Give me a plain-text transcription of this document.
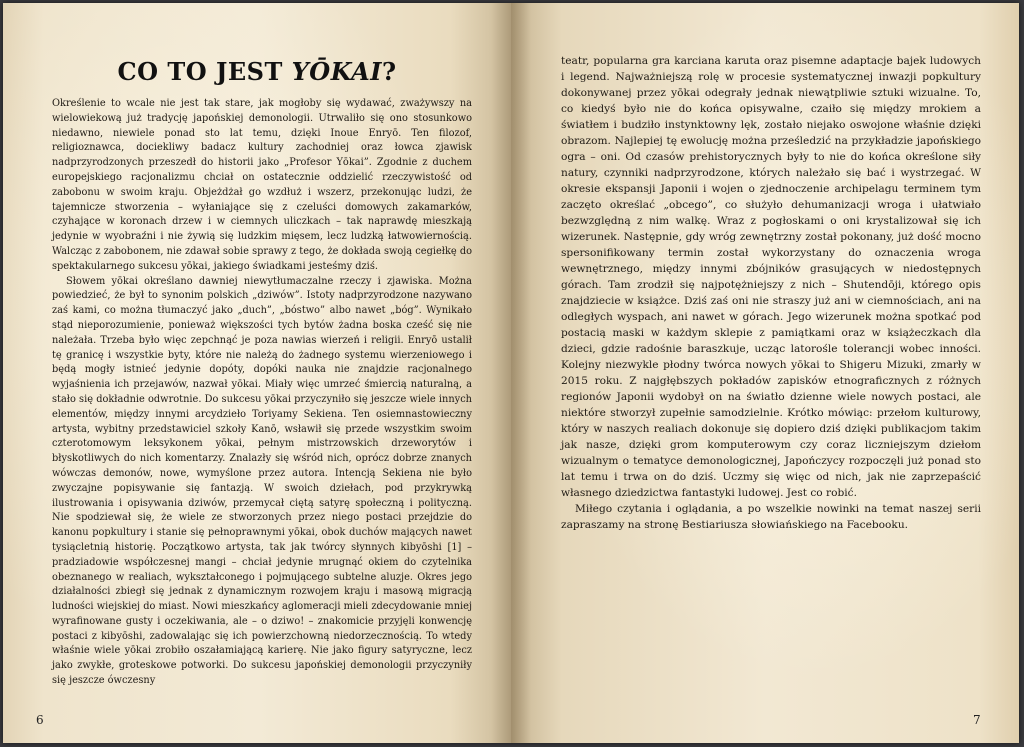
CO TO JEST YŌKAI?

Określenie to wcale nie jest tak stare, jak mogłoby się wydawać, zważywszy na wielowiekową już tradycję japońskiej demonologii. Utrwaliło się ono stosunkowo niedawno, niewiele ponad sto lat temu, dzięki Inoue Enryō. Ten filozof, religioznawca, dociekliwy badacz kultury zachodniej oraz łowca zjawisk nadprzyrodzonych przeszedł do historii jako „Profesor Yōkai”. Zgodnie z duchem europejskiego racjonalizmu chciał on ostatecznie oddzielić rzeczywistość od zabobonu w swoim kraju. Objeżdżał go wzdłuż i wszerz, przekonując ludzi, że tajemnicze stworzenia – wyłaniające się z czeluści domowych zakamarków, czyhające w koronach drzew i w ciemnych uliczkach – tak naprawdę mieszkają jedynie w wyobraźni i nie żywią się ludzkim mięsem, lecz ludzką łatwowiernością. Walcząc z zabobonem, nie zdawał sobie sprawy z tego, że dokłada swoją cegiełkę do spektakularnego sukcesu yōkai, jakiego świadkami jesteśmy dziś.

Słowem yōkai określano dawniej niewytłumaczalne rzeczy i zjawiska. Można powiedzieć, że był to synonim polskich „dziwów”. Istoty nadprzyrodzone nazywano zaś kami, co można tłumaczyć jako „duch”, „bóstwo” albo nawet „bóg”. Wynikało stąd nieporozumienie, ponieważ większości tych bytów żadna boska cześć się nie należała. Trzeba było więc zepchnąć je poza nawias wierzeń i religii. Enryō ustalił tę granicę i wszystkie byty, które nie należą do żadnego systemu wierzeniowego i będą mogły istnieć jedynie dopóty, dopóki nauka nie znajdzie racjonalnego wyjaśnienia ich przejawów, nazwał yōkai. Miały więc umrzeć śmiercią naturalną, a stało się dokładnie odwrotnie. Do sukcesu yōkai przyczyniło się jeszcze wiele innych elementów, między innymi arcydzieło Toriyamy Sekiena. Ten osiemnastowieczny artysta, wybitny przedstawiciel szkoły Kanō, wsławił się przede wszystkim swoim czterotomowym leksykonem yōkai, pełnym mistrzowskich drzeworytów i błyskotliwych do nich komentarzy. Znalazły się wśród nich, oprócz dobrze znanych wówczas demonów, nowe, wymyślone przez autora. Intencją Sekiena nie było zwyczajne popisywanie się fantazją. W swoich dziełach, pod przykrywką ilustrowania i opisywania dziwów, przemycał ciętą satyrę społeczną i polityczną. Nie spodziewał się, że wiele ze stworzonych przez niego postaci przejdzie do kanonu popkultury i stanie się pełnoprawnymi yōkai, obok duchów mających nawet tysiącletnią historię. Początkowo artysta, tak jak twórcy słynnych kibyōshi [1] – pradziadowie współczesnej mangi – chciał jedynie mrugnąć okiem do czytelnika obeznanego w realiach, wykształconego i pojmującego subtelne aluzje. Okres jego działalności zbiegł się jednak z dynamicznym rozwojem kraju i masową migracją ludności wiejskiej do miast. Nowi mieszkańcy aglomeracji mieli zdecydowanie mniej wyrafinowane gusty i oczekiwania, ale – o dziwo! – znakomicie przyjęli konwencję postaci z kibyōshi, zadowalając się ich powierzchowną niedorzecznością. To wtedy właśnie wiele yōkai zrobiło oszałamiającą karierę. Nie jako figury satyryczne, lecz jako zwykłe, groteskowe potworki. Do sukcesu japońskiej demonologii przyczyniły się jeszcze ówczesny

6

teatr, popularna gra karciana karuta oraz pisemne adaptacje bajek ludowych i legend. Najważniejszą rolę w procesie systematycznej inwazji popkultury dokonywanej przez yōkai odegrały jednak niewątpliwie sztuki wizualne. To, co kiedyś było nie do końca opisywalne, czaiło się między mrokiem a światłem i budziło instynktowny lęk, zostało niejako oswojone właśnie dzięki obrazom. Najlepiej tę ewolucję można prześledzić na przykładzie japońskiego ogra – oni. Od czasów prehistorycznych były to nie do końca określone siły natury, czynniki nadprzyrodzone, których należało się bać i wystrzegać. W okresie ekspansji Japonii i wojen o zjednoczenie archipelagu terminem tym zaczęto określać „obcego”, co służyło dehumanizacji wroga i ułatwiało bezwzględną z nim walkę. Wraz z pogłoskami o oni krystalizował się ich wizerunek. Następnie, gdy wróg zewnętrzny został pokonany, już dość mocno spersonifikowany termin został wykorzystany do oznaczenia wroga wewnętrznego, między innymi zbójników grasujących w niedostępnych górach. Tam zrodził się najpotężniejszy z nich – Shutendōji, którego opis znajdziecie w książce. Dziś zaś oni nie straszy już ani w ciemnościach, ani na odległych wyspach, ani nawet w górach. Jego wizerunek można spotkać pod postacią maski w każdym sklepie z pamiątkami oraz w książeczkach dla dzieci, gdzie radośnie baraszkuje, ucząc latorośle tolerancji wobec inności. Kolejny niezwykle płodny twórca nowych yōkai to Shigeru Mizuki, zmarły w 2015 roku. Z najgłębszych pokładów zapisków etnograficznych z różnych regionów Japonii wydobył on na światło dzienne wiele nowych postaci, ale niektóre stworzył zupełnie samodzielnie. Krótko mówiąc: przełom kulturowy, który w naszych realiach dokonuje się dopiero dziś dzięki publikacjom takim jak nasze, dzięki grom komputerowym czy coraz liczniejszym dziełom wizualnym o tematyce demonologicznej, Japończycy rozpoczęli już ponad sto lat temu i trwa on do dziś. Uczmy się więc od nich, jak nie zaprzepaścić własnego dziedzictwa fantastyki ludowej. Jest co robić.

Miłego czytania i oglądania, a po wszelkie nowinki na temat naszej serii zapraszamy na stronę Bestiariusza słowiańskiego na Facebooku.

7
